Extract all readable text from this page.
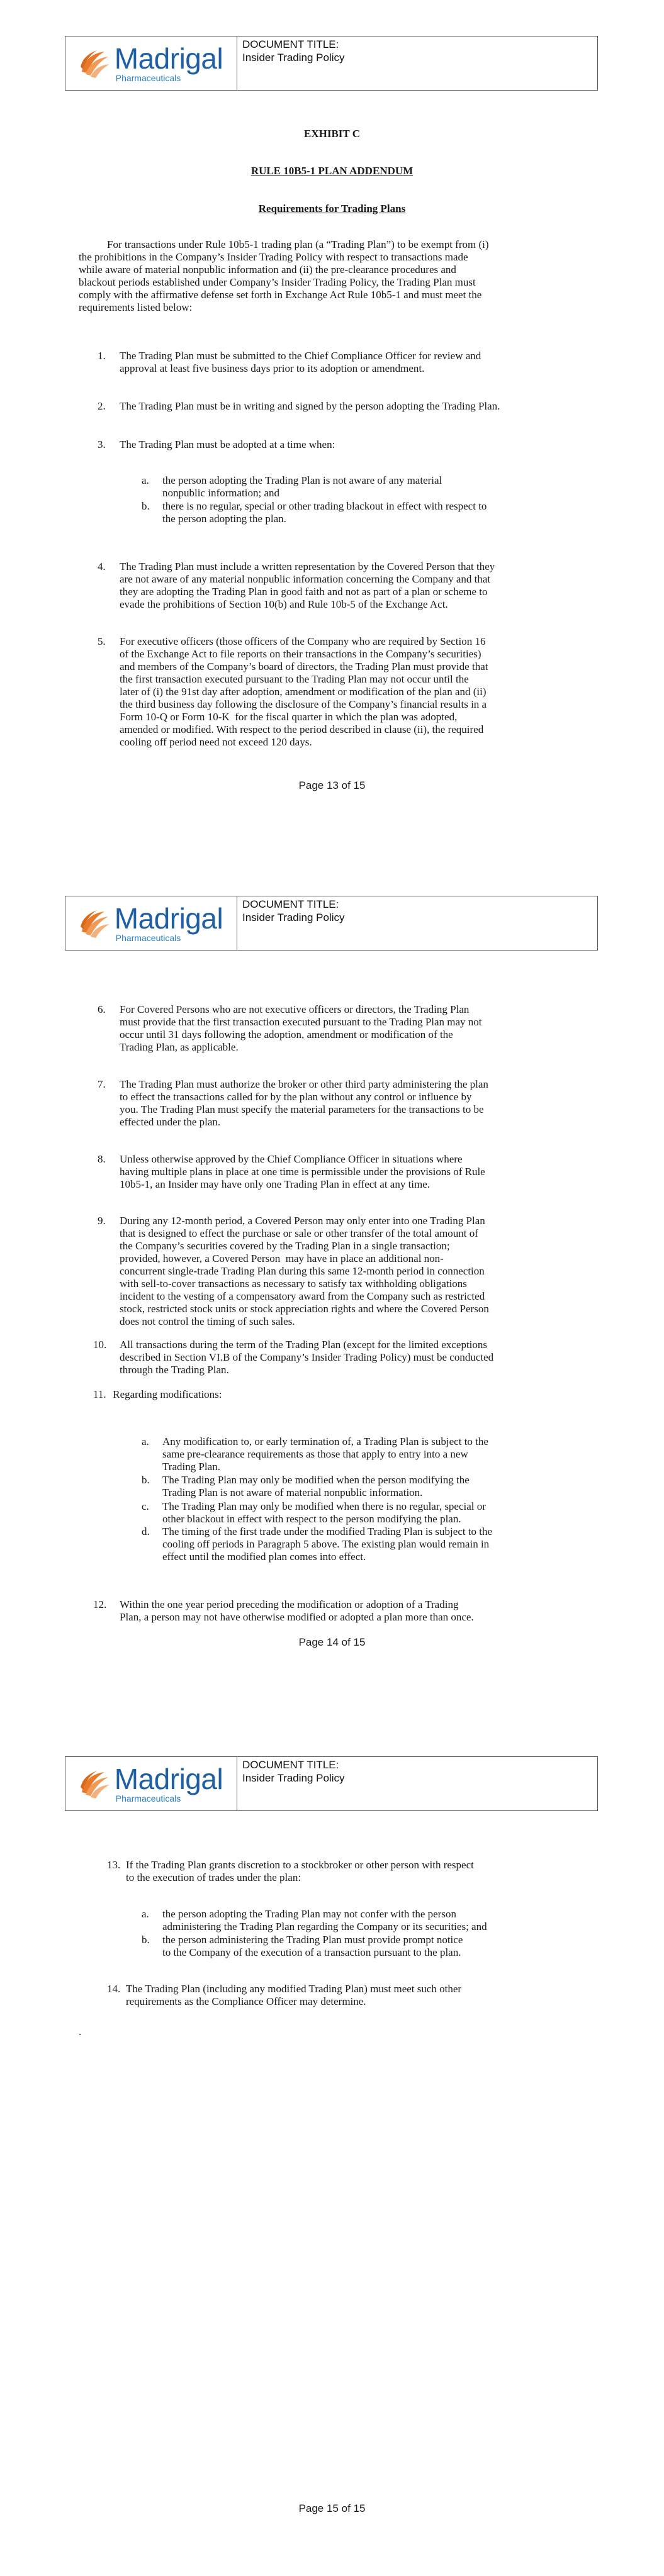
Madrigal
Pharmaceuticals
DOCUMENT TITLE:
Insider Trading Policy
Madrigal
Pharmaceuticals
DOCUMENT TITLE:
Insider Trading Policy
Madrigal
Pharmaceuticals
DOCUMENT TITLE:
Insider Trading Policy
EXHIBIT C
RULE 10B5-1 PLAN ADDENDUM
Requirements for Trading Plans
For transactions under Rule 10b5-1 trading plan (a “Trading Plan”) to be exempt from (i)
the prohibitions in the Company’s Insider Trading Policy with respect to transactions made
while aware of material nonpublic information and (ii) the pre-clearance procedures and
blackout periods established under Company’s Insider Trading Policy, the Trading Plan must
comply with the affirmative defense set forth in Exchange Act Rule 10b5-1 and must meet the
requirements listed below:
1. The Trading Plan must be submitted to the Chief Compliance Officer for review and
approval at least five business days prior to its adoption or amendment.
2. The Trading Plan must be in writing and signed by the person adopting the Trading Plan.
3. The Trading Plan must be adopted at a time when:
a. the person adopting the Trading Plan is not aware of any material
nonpublic information; and
b. there is no regular, special or other trading blackout in effect with respect to
the person adopting the plan.
4. The Trading Plan must include a written representation by the Covered Person that they
are not aware of any material nonpublic information concerning the Company and that
they are adopting the Trading Plan in good faith and not as part of a plan or scheme to
evade the prohibitions of Section 10(b) and Rule 10b-5 of the Exchange Act.
5. For executive officers (those officers of the Company who are required by Section 16
of the Exchange Act to file reports on their transactions in the Company’s securities)
and members of the Company’s board of directors, the Trading Plan must provide that
the first transaction executed pursuant to the Trading Plan may not occur until the
later of (i) the 91st day after adoption, amendment or modification of the plan and (ii)
the third business day following the disclosure of the Company’s financial results in a
Form 10-Q or Form 10-K  for the fiscal quarter in which the plan was adopted,
amended or modified. With respect to the period described in clause (ii), the required
cooling off period need not exceed 120 days.
6. For Covered Persons who are not executive officers or directors, the Trading Plan
must provide that the first transaction executed pursuant to the Trading Plan may not
occur until 31 days following the adoption, amendment or modification of the
Trading Plan, as applicable.
7. The Trading Plan must authorize the broker or other third party administering the plan
to effect the transactions called for by the plan without any control or influence by
you. The Trading Plan must specify the material parameters for the transactions to be
effected under the plan.
8. Unless otherwise approved by the Chief Compliance Officer in situations where
having multiple plans in place at one time is permissible under the provisions of Rule
10b5-1, an Insider may have only one Trading Plan in effect at any time.
9. During any 12-month period, a Covered Person may only enter into one Trading Plan
that is designed to effect the purchase or sale or other transfer of the total amount of
the Company’s securities covered by the Trading Plan in a single transaction;
provided, however, a Covered Person  may have in place an additional non-
concurrent single-trade Trading Plan during this same 12-month period in connection
with sell-to-cover transactions as necessary to satisfy tax withholding obligations
incident to the vesting of a compensatory award from the Company such as restricted
stock, restricted stock units or stock appreciation rights and where the Covered Person
does not control the timing of such sales.
10. All transactions during the term of the Trading Plan (except for the limited exceptions
described in Section VI.B of the Company’s Insider Trading Policy) must be conducted
through the Trading Plan.
11. Regarding modifications:
a. Any modification to, or early termination of, a Trading Plan is subject to the
same pre-clearance requirements as those that apply to entry into a new
Trading Plan.
b. The Trading Plan may only be modified when the person modifying the
Trading Plan is not aware of material nonpublic information.
c. The Trading Plan may only be modified when there is no regular, special or
other blackout in effect with respect to the person modifying the plan.
d. The timing of the first trade under the modified Trading Plan is subject to the
cooling off periods in Paragraph 5 above. The existing plan would remain in
effect until the modified plan comes into effect.
12. Within the one year period preceding the modification or adoption of a Trading
Plan, a person may not have otherwise modified or adopted a plan more than once.
13. If the Trading Plan grants discretion to a stockbroker or other person with respect
to the execution of trades under the plan:
a. the person adopting the Trading Plan may not confer with the person
administering the Trading Plan regarding the Company or its securities; and
b. the person administering the Trading Plan must provide prompt notice
to the Company of the execution of a transaction pursuant to the plan.
14. The Trading Plan (including any modified Trading Plan) must meet such other
requirements as the Compliance Officer may determine.
Page 13 of 15
Page 14 of 15
Page 15 of 15
.
